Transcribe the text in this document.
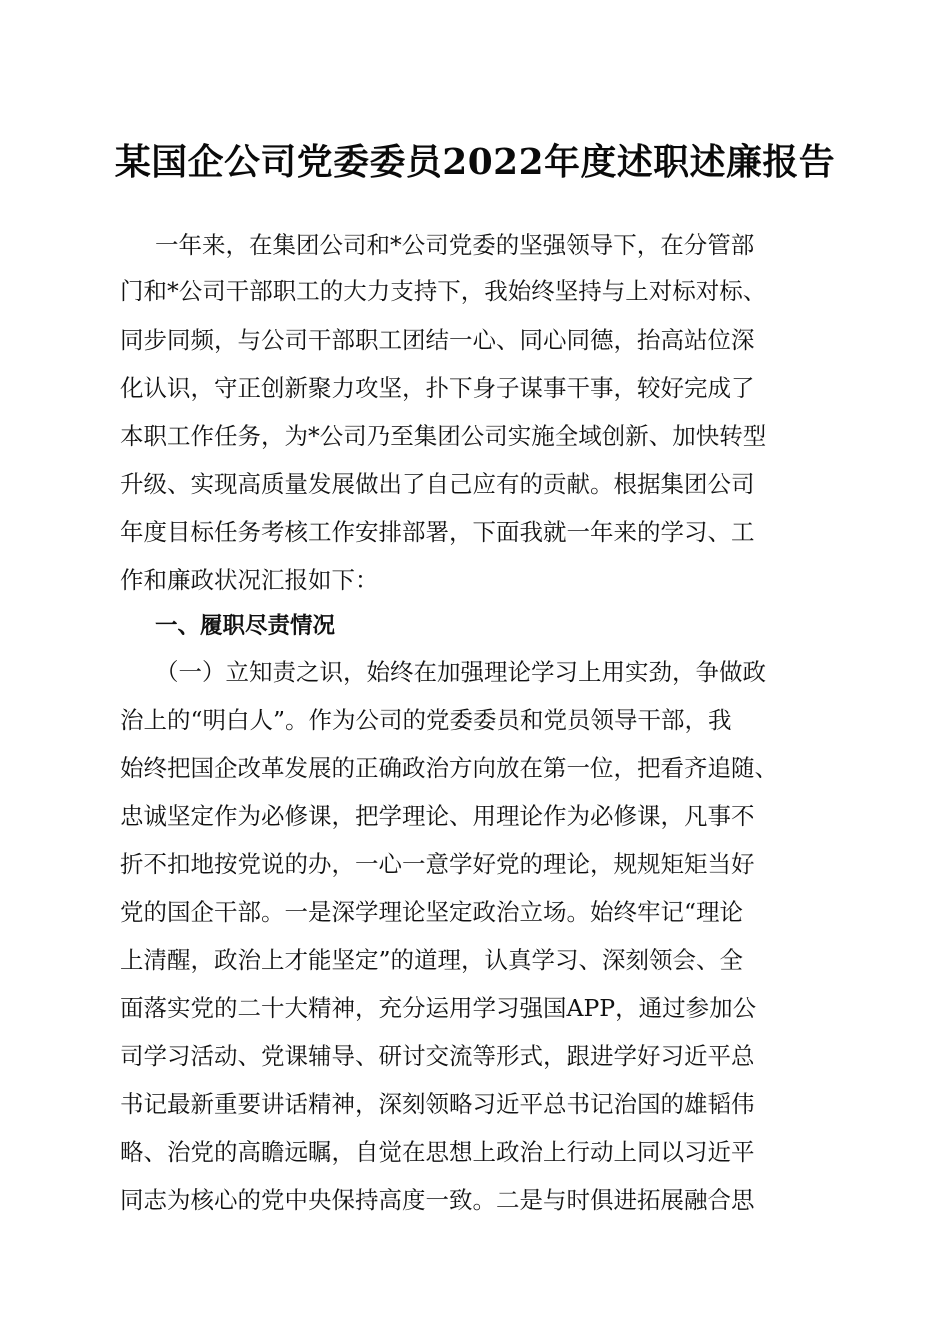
某国企公司党委委员2022年度述职述廉报告
一年来，在集团公司和*公司党委的坚强领导下，在分管部
门和*公司干部职工的大力支持下，我始终坚持与上对标对标、
同步同频，与公司干部职工团结一心、同心同德，抬高站位深
化认识，守正创新聚力攻坚，扑下身子谋事干事，较好完成了
本职工作任务，为*公司乃至集团公司实施全域创新、加快转型
升级、实现高质量发展做出了自己应有的贡献。根据集团公司
年度目标任务考核工作安排部署，下面我就一年来的学习、工
作和廉政状况汇报如下：
一、履职尽责情况
（一）立知责之识，始终在加强理论学习上用实劲，争做政
治上的“明白人”。作为公司的党委委员和党员领导干部，我
始终把国企改革发展的正确政治方向放在第一位，把看齐追随、
忠诚坚定作为必修课，把学理论、用理论作为必修课，凡事不
折不扣地按党说的办，一心一意学好党的理论，规规矩矩当好
党的国企干部。一是深学理论坚定政治立场。始终牢记“理论
上清醒，政治上才能坚定”的道理，认真学习、深刻领会、全
面落实党的二十大精神，充分运用学习强国APP，通过参加公
司学习活动、党课辅导、研讨交流等形式，跟进学好习近平总
书记最新重要讲话精神，深刻领略习近平总书记治国的雄韬伟
略、治党的高瞻远瞩，自觉在思想上政治上行动上同以习近平
同志为核心的党中央保持高度一致。二是与时俱进拓展融合思
